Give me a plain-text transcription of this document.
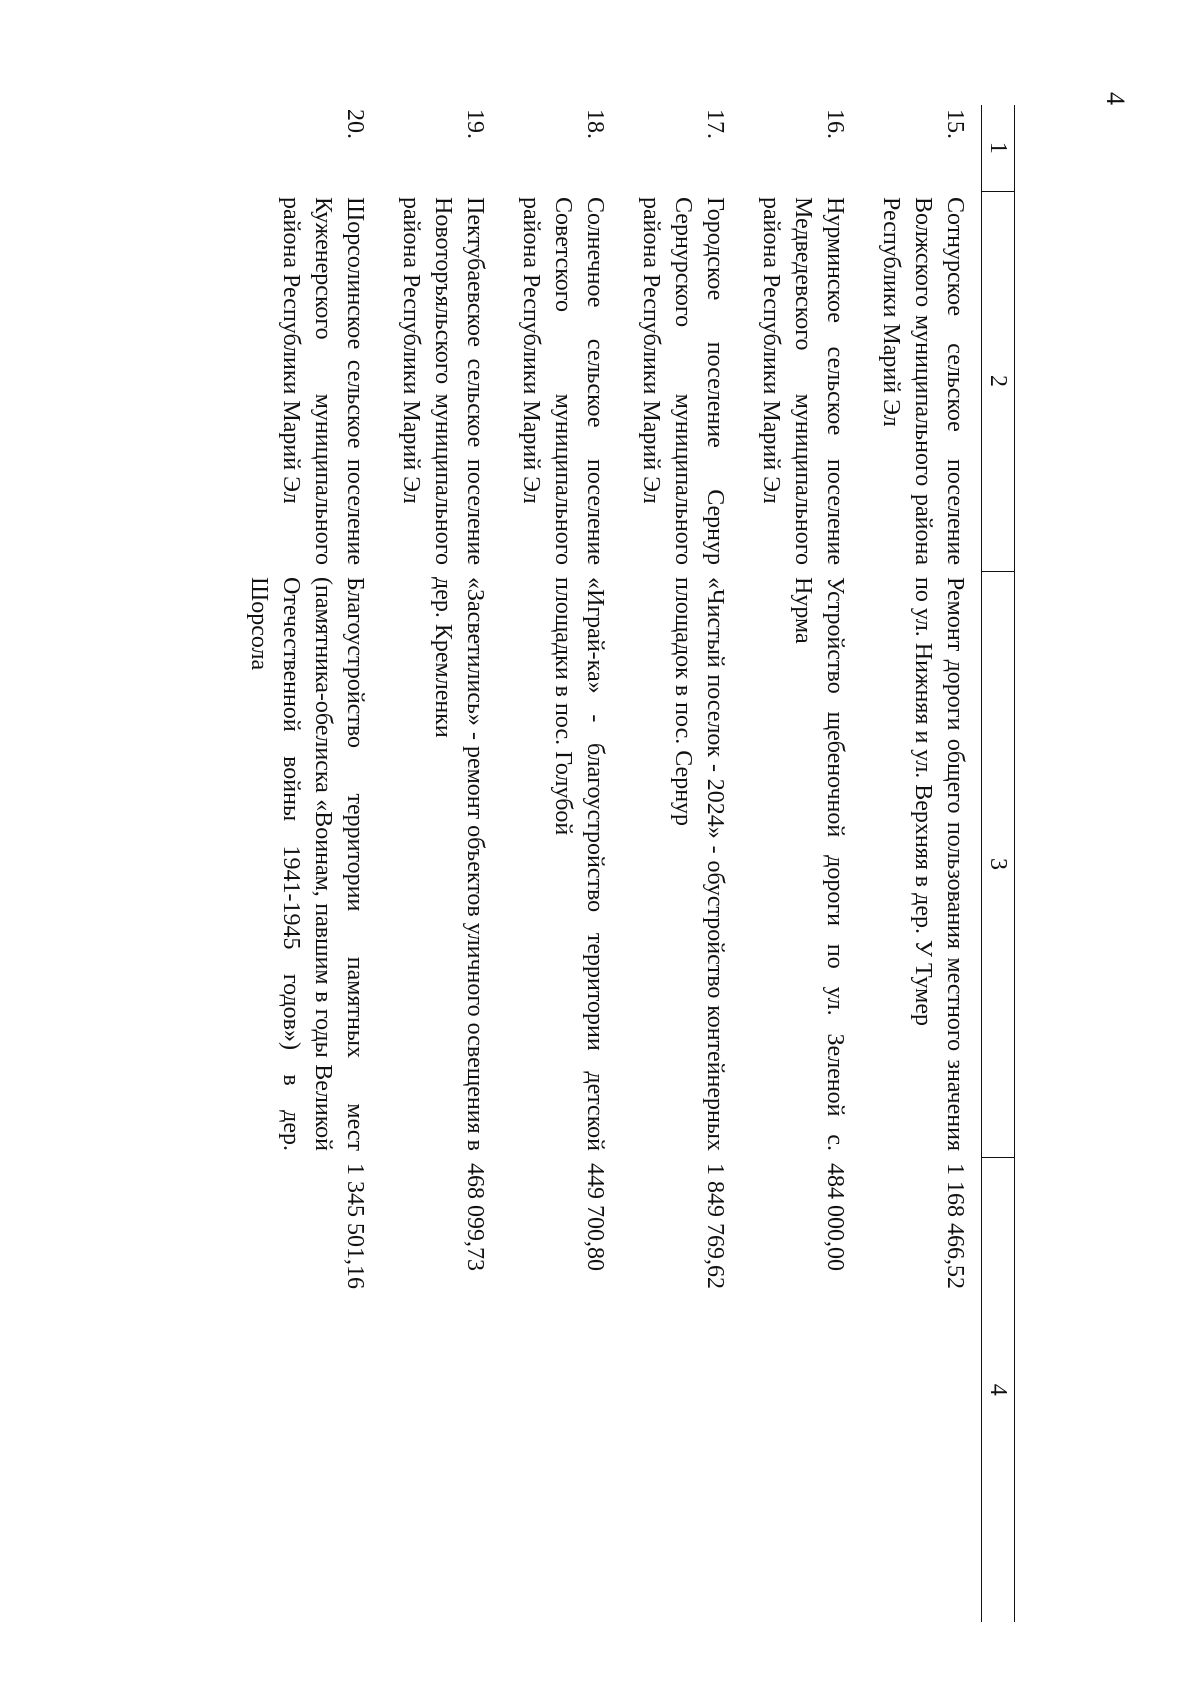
4
1	2	3	4
15.	Сотнурское сельское поселение Волжского муниципального района Республики Марий Эл	Ремонт дороги общего пользования местного значения по ул. Нижняя и ул. Верхняя в дер. У Тумер	1 168 466,52
16.	Нурминское сельское поселение Медведевского муниципального района Республики Марий Эл	Устройство щебеночной дороги по ул. Зеленой с. Нурма	484 000,00
17.	Городское поселение Сернур Сернурского муниципального района Республики Марий Эл	«Чистый поселок - 2024» - обустройство контейнерных площадок в пос. Сернур	1 849 769,62
18.	Солнечное сельское поселение Советского муниципального района Республики Марий Эл	«Играй-ка» - благоустройство территории детской площадки в пос. Голубой	449 700,80
19.	Пектубаевское сельское поселение Новоторъяльского муниципального района Республики Марий Эл	«Засветились» - ремонт объектов уличного освещения в дер. Кремленки	468 099,73
20.	Шорсолинское сельское поселение Куженерского муниципального района Республики Марий Эл	Благоустройство территории памятных мест (памятника-обелиска «Воинам, павшим в годы Великой Отечественной войны 1941-1945 годов») в дер. Шорсола	1 345 501,16
